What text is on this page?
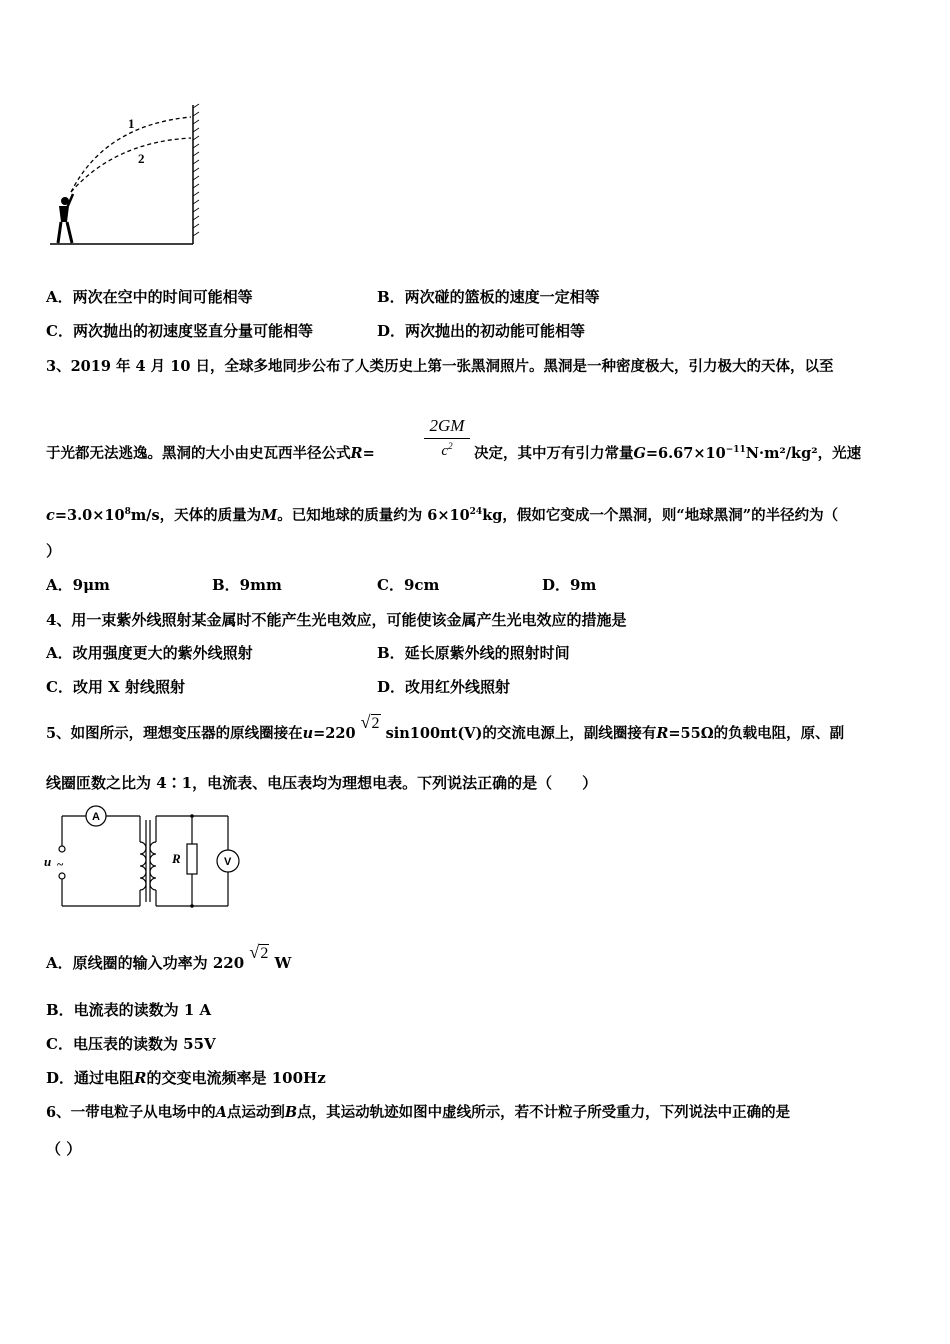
1
2
A．两次在空中的时间可能相等	B．两次碰的篮板的速度一定相等
C．两次抛出的初速度竖直分量可能相等	D．两次抛出的初动能可能相等
3、2019 年 4 月 10 日，全球多地同步公布了人类历史上第一张黑洞照片。黑洞是一种密度极大，引力极大的天体，以至
于光都无法逃逸。黑洞的大小由史瓦西半径公式R=
2GM
$c^2$	决定，其中万有引力常量$G=6.67\times 10^{-11}N\cdot m^2$/kg²，光速
$c=3.0\times 10^8m/s$，天体的质量为M。已知地球的质量约为 $6\times 10^{24}kg$，假如它变成一个黑洞，则“地球黑洞”的半径约为（
）
A．9μm	B．9mm	C．9cm	D．9m
4、用一束紫外线照射某金属时不能产生光电效应，可能使该金属产生光电效应的措施是
A．改用强度更大的紫外线照射	B．延长原紫外线的照射时间
C．改用 X 射线照射	D．改用红外线照射
5、如图所示，理想变压器的原线圈接在u=220 √2 sin100πt(V)的交流电源上，副线圈接有R=55Ω的负载电阻，原、副
线圈匝数之比为 4∶1，电流表、电压表均为理想电表。下列说法正确的是（　　）
A
V
R
u ~
A．原线圈的输入功率为 220 √2 W
B．电流表的读数为 1 A
C．电压表的读数为 55V
D．通过电阻R的交变电流频率是 100Hz
6、一带电粒子从电场中的A点运动到B点，其运动轨迹如图中虚线所示，若不计粒子所受重力，下列说法中正确的是
（ ）
